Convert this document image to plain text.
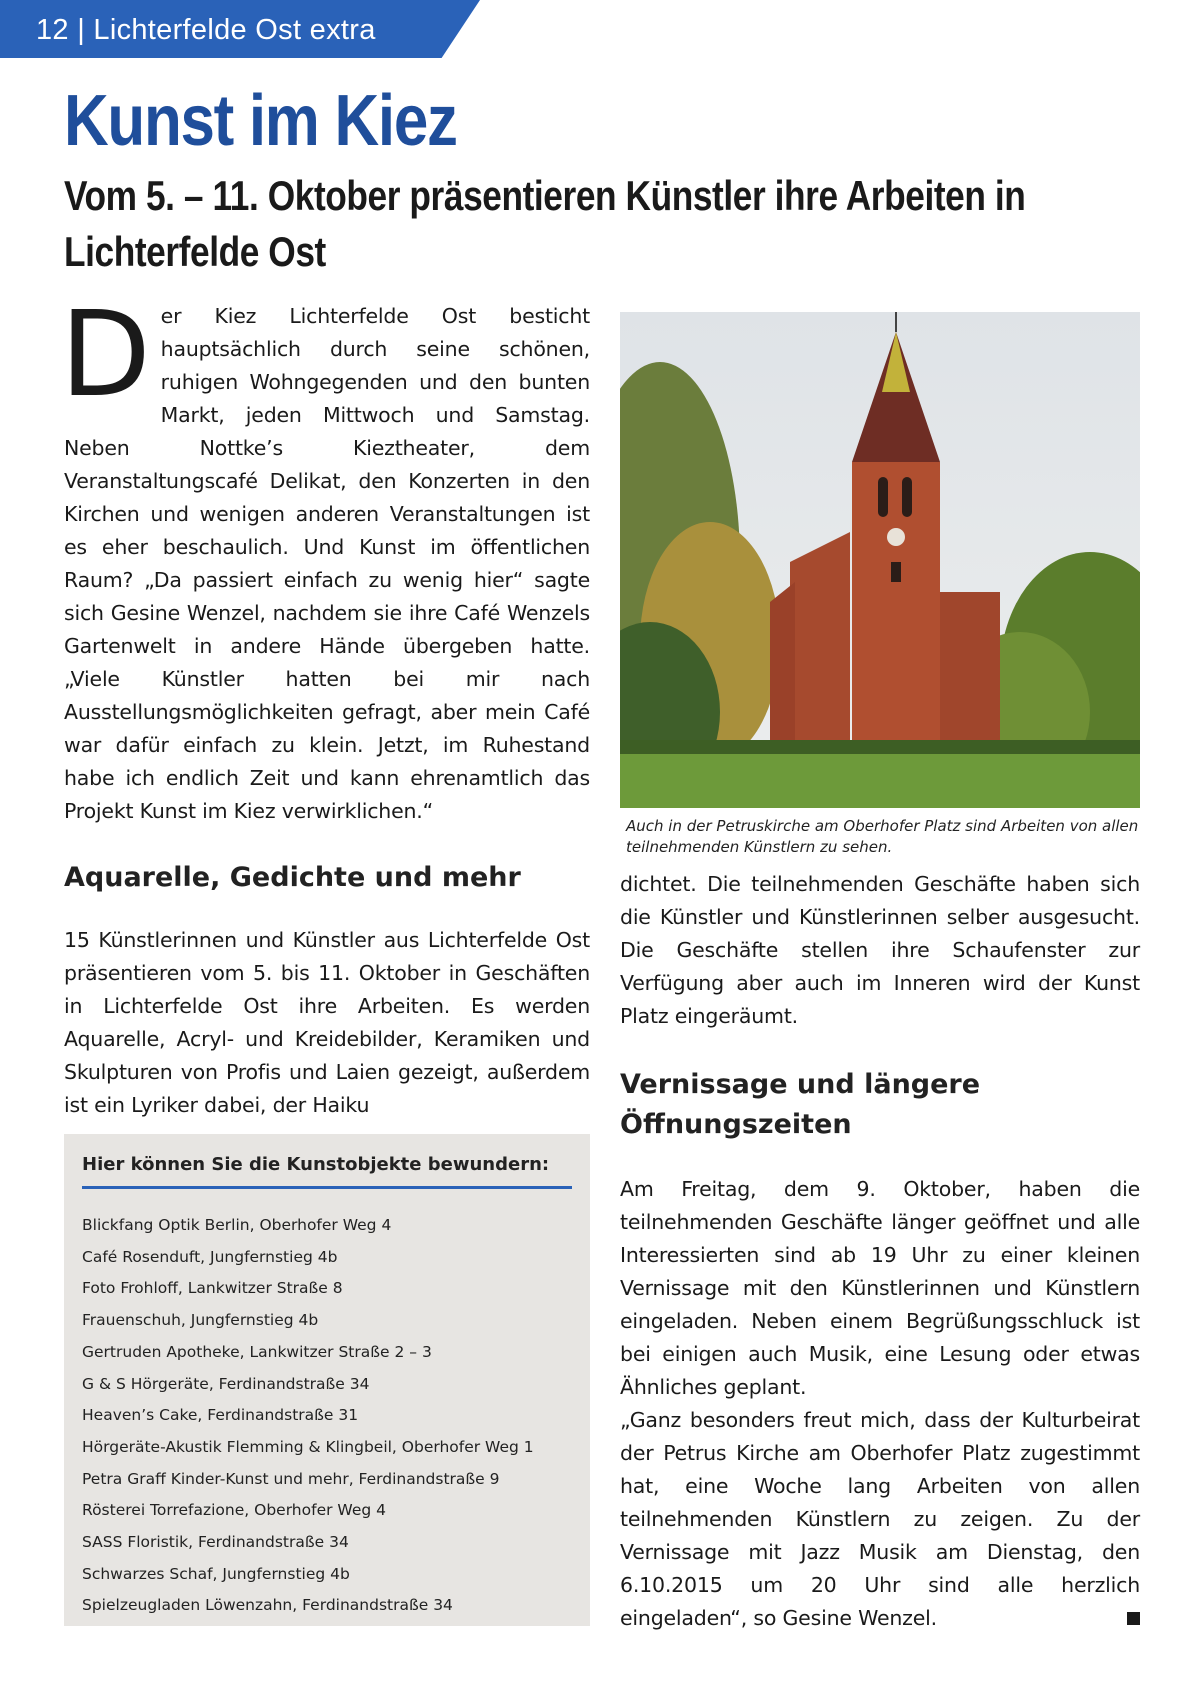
12 | Lichterfelde Ost extra
Kunst im Kiez
Vom 5. – 11. Oktober präsentieren Künstler ihre Arbeiten in Lichterfelde Ost

Der Kiez Lichterfelde Ost besticht hauptsächlich durch seine schönen, ruhigen Wohngegenden und den bunten Markt, jeden Mittwoch und Samstag. Neben Nottke’s Kieztheater, dem Veranstaltungscafé Delikat, den Konzerten in den Kirchen und wenigen anderen Veranstaltungen ist es eher beschaulich. Und Kunst im öffentlichen Raum? „Da passiert einfach zu wenig hier“ sagte sich Gesine Wenzel, nachdem sie ihre Café Wenzels Gartenwelt in andere Hände übergeben hatte. „Viele Künstler hatten bei mir nach Ausstellungsmöglichkeiten gefragt, aber mein Café war dafür einfach zu klein. Jetzt, im Ruhestand habe ich endlich Zeit und kann ehrenamtlich das Projekt Kunst im Kiez verwirklichen.“

Aquarelle, Gedichte und mehr

15 Künstlerinnen und Künstler aus Lichterfelde Ost präsentieren vom 5. bis 11. Oktober in Geschäften in Lichterfelde Ost ihre Arbeiten. Es werden Aquarelle, Acryl- und Kreidebilder, Keramiken und Skulpturen von Profis und Laien gezeigt, außerdem ist ein Lyriker dabei, der Haiku

Auch in der Petruskirche am Oberhofer Platz sind Arbeiten von allen teilnehmenden Künstlern zu sehen.

dichtet. Die teilnehmenden Geschäfte haben sich die Künstler und Künstlerinnen selber ausgesucht. Die Geschäfte stellen ihre Schaufenster zur Verfügung aber auch im Inneren wird der Kunst Platz eingeräumt.

Vernissage und längere Öffnungszeiten

Am Freitag, dem 9. Oktober, haben die teilnehmenden Geschäfte länger geöffnet und alle Interessierten sind ab 19 Uhr zu einer kleinen Vernissage mit den Künstlerinnen und Künstlern eingeladen. Neben einem Begrüßungsschluck ist bei einigen auch Musik, eine Lesung oder etwas Ähnliches geplant.

„Ganz besonders freut mich, dass der Kulturbeirat der Petrus Kirche am Oberhofer Platz zugestimmt hat, eine Woche lang Arbeiten von allen teilnehmenden Künstlern zu zeigen. Zu der Vernissage mit Jazz Musik am Dienstag, den 6.10.2015 um 20 Uhr sind alle herzlich eingeladen“, so Gesine Wenzel.

Hier können Sie die Kunstobjekte bewundern:
Blickfang Optik Berlin, Oberhofer Weg 4
Café Rosenduft, Jungfernstieg 4b
Foto Frohloff, Lankwitzer Straße 8
Frauenschuh, Jungfernstieg 4b
Gertruden Apotheke, Lankwitzer Straße 2 – 3
G & S Hörgeräte, Ferdinandstraße 34
Heaven’s Cake, Ferdinandstraße 31
Hörgeräte-Akustik Flemming & Klingbeil, Oberhofer Weg 1
Petra Graff Kinder-Kunst und mehr, Ferdinandstraße 9
Rösterei Torrefazione, Oberhofer Weg 4
SASS Floristik, Ferdinandstraße 34
Schwarzes Schaf, Jungfernstieg 4b
Spielzeugladen Löwenzahn, Ferdinandstraße 34
